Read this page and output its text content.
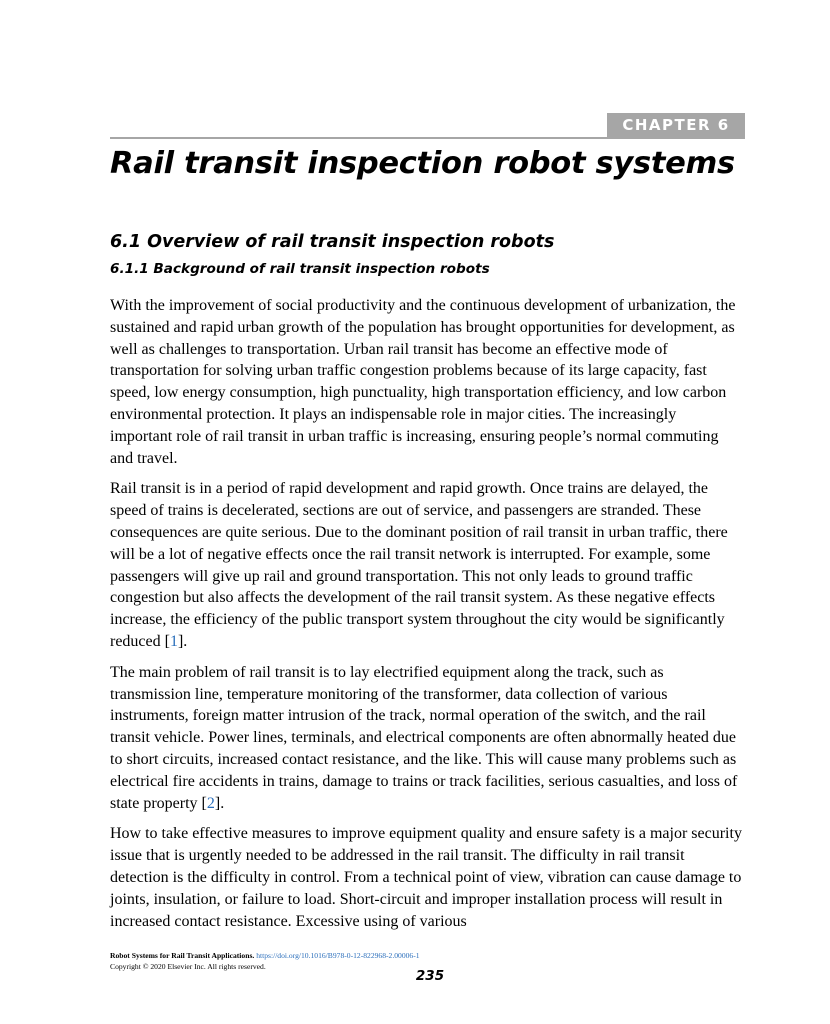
CHAPTER 6
Rail transit inspection robot systems
6.1 Overview of rail transit inspection robots
6.1.1 Background of rail transit inspection robots

With the improvement of social productivity and the continuous development of urbanization, the sustained and rapid urban growth of the population has brought opportunities for development, as well as challenges to transportation. Urban rail transit has become an effective mode of transportation for solving urban traffic congestion problems because of its large capacity, fast speed, low energy consumption, high punctuality, high transportation efficiency, and low carbon environmental protection. It plays an indispensable role in major cities. The increasingly important role of rail transit in urban traffic is increasing, ensuring people’s normal commuting and travel.

Rail transit is in a period of rapid development and rapid growth. Once trains are delayed, the speed of trains is decelerated, sections are out of service, and passengers are stranded. These consequences are quite serious. Due to the dominant position of rail transit in urban traffic, there will be a lot of negative effects once the rail transit network is interrupted. For example, some passengers will give up rail and ground transportation. This not only leads to ground traffic congestion but also affects the development of the rail transit system. As these negative effects increase, the efficiency of the public transport system throughout the city would be significantly reduced [1].

The main problem of rail transit is to lay electrified equipment along the track, such as transmission line, temperature monitoring of the transformer, data collection of various instruments, foreign matter intrusion of the track, normal operation of the switch, and the rail transit vehicle. Power lines, terminals, and electrical components are often abnormally heated due to short circuits, increased contact resistance, and the like. This will cause many problems such as electrical fire accidents in trains, damage to trains or track facilities, serious casualties, and loss of state property [2].

How to take effective measures to improve equipment quality and ensure safety is a major security issue that is urgently needed to be addressed in the rail transit. The difficulty in rail transit detection is the difficulty in control. From a technical point of view, vibration can cause damage to joints, insulation, or failure to load. Short-circuit and improper installation process will result in increased contact resistance. Excessive using of various

Robot Systems for Rail Transit Applications. https://doi.org/10.1016/B978-0-12-822968-2.00006-1
Copyright © 2020 Elsevier Inc. All rights reserved.
235
